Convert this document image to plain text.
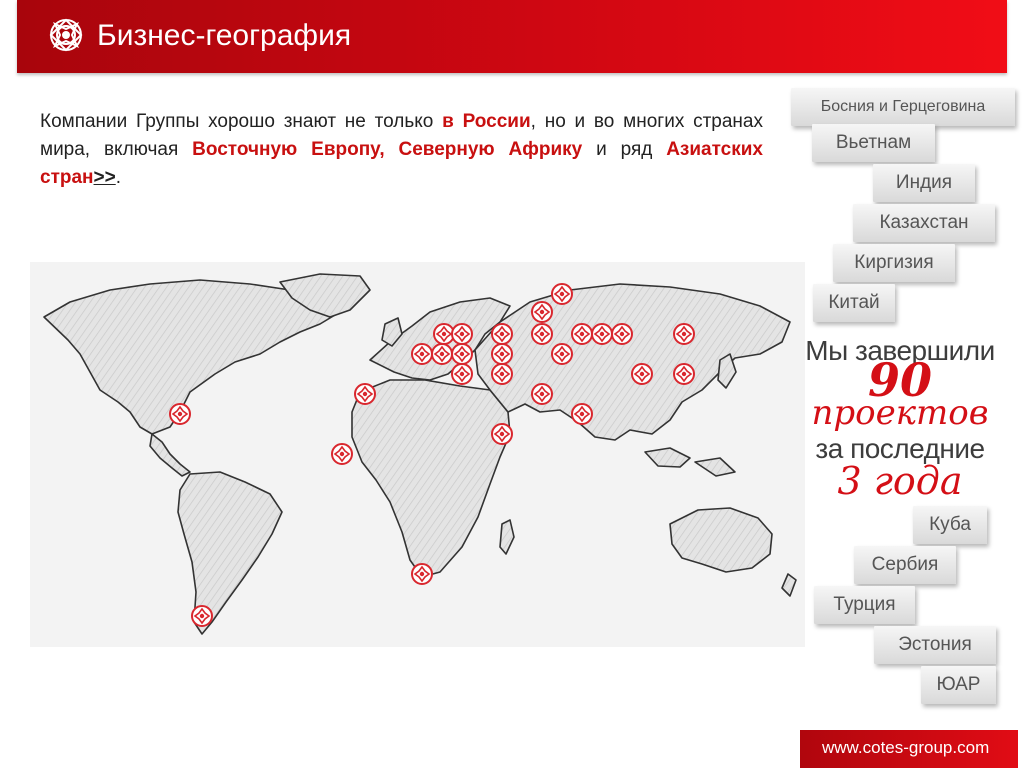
Бизнес-география
Компании Группы хорошо знают не только в России, но и во многих странах мира, включая Восточную Европу, Северную Африку и ряд Азиатских стран>>.
Босния и Герцеговина
Вьетнам
Индия
Казахстан
Киргизия
Китай
Мы завершили
90
проектов
за последние
3 года
Куба
Сербия
Турция
Эстония
ЮАР
www.cotes-group.com
